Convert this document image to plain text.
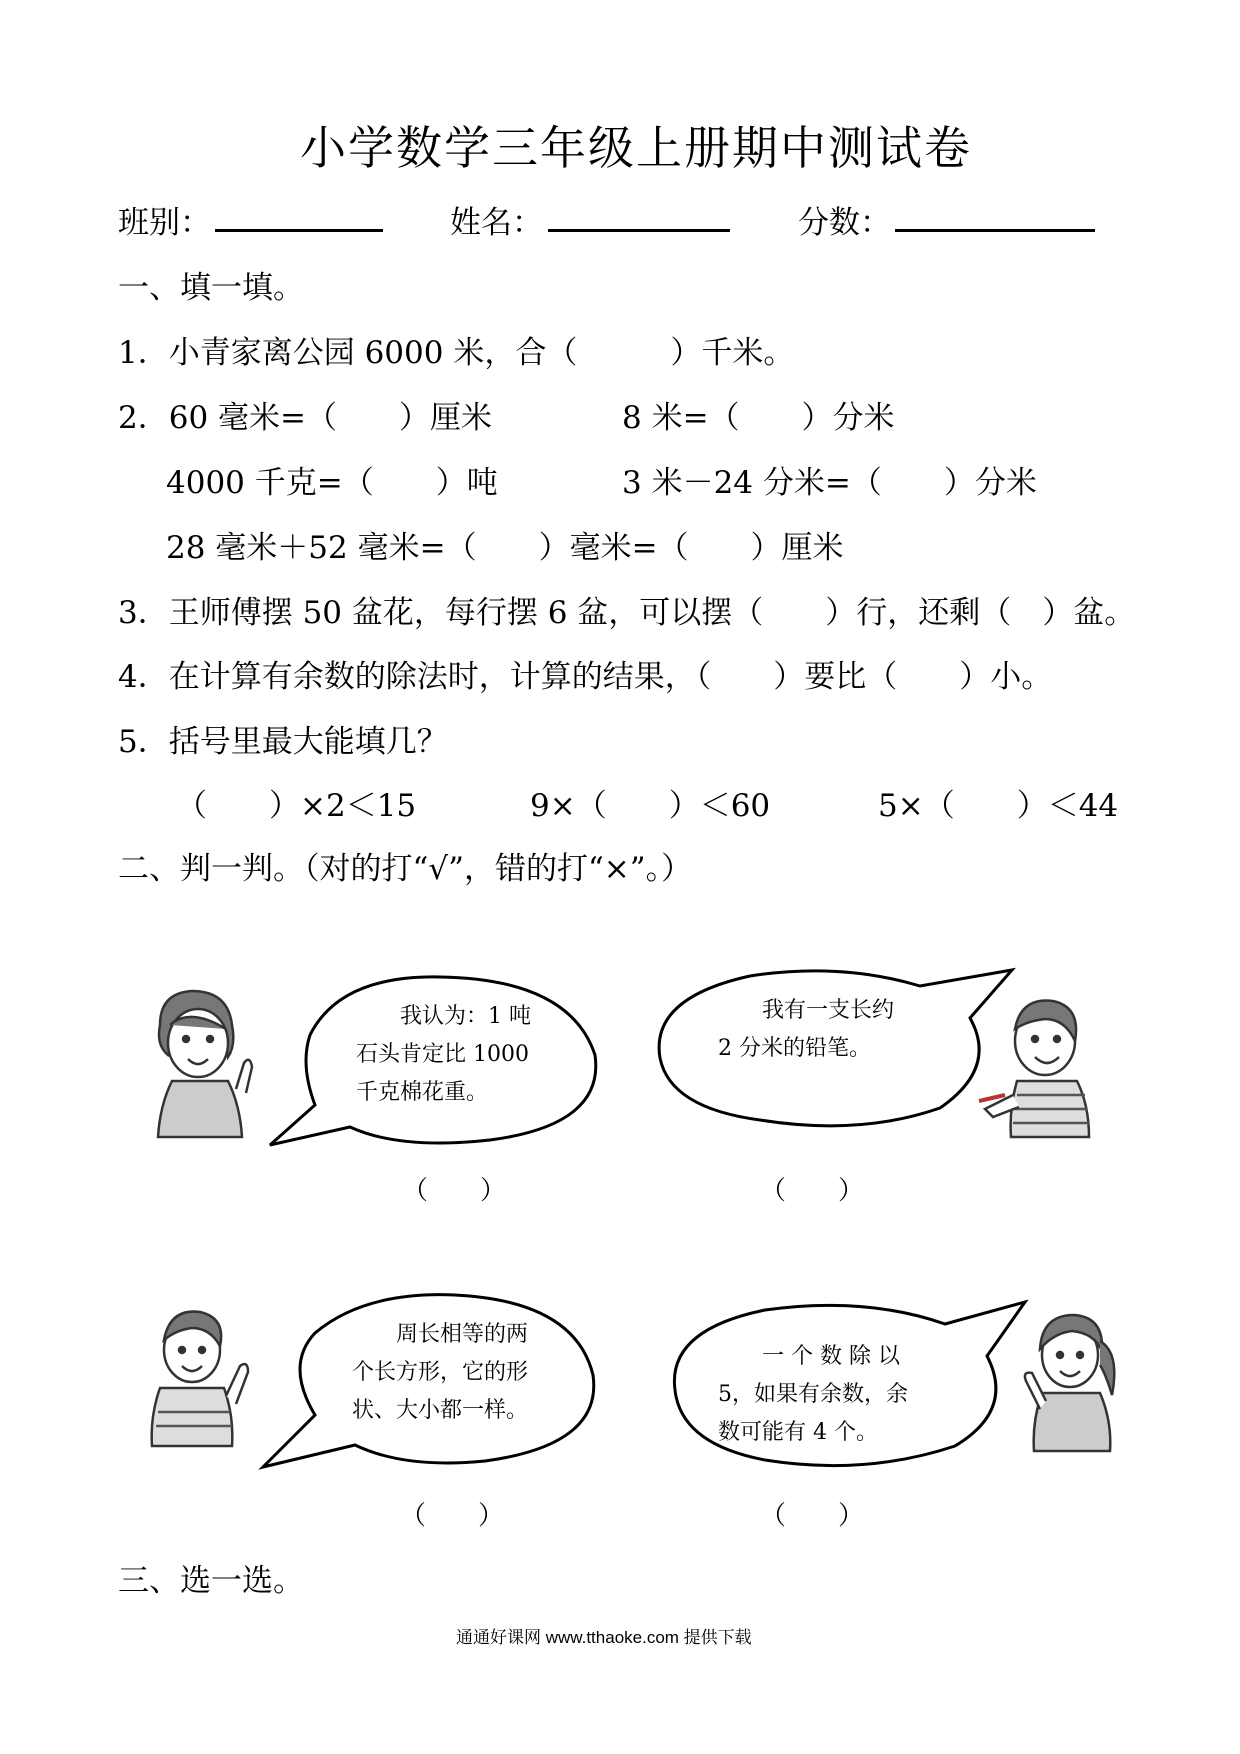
小学数学三年级上册期中测试卷
班别：	姓名：	分数：
一、填一填。
1．小青家离公园 6000 米，合（　　　）千米。
2．60 毫米=（　　）厘米	8 米=（　　）分米
4000 千克=（　　）吨	3 米－24 分米=（　　）分米
28 毫米＋52 毫米=（　　）毫米=（　　）厘米
3．王师傅摆 50 盆花，每行摆 6 盆，可以摆（　　）行，还剩（　）盆。
4．在计算有余数的除法时，计算的结果，（　　）要比（　　）小。
5．括号里最大能填几？
（　　）×2＜15	9×（　　）＜60	5×（　　）＜44
二、判一判。（对的打“√”，错的打“×”。）
　　我认为：1 吨
石头肯定比 1000
千克棉花重。
（　　）
　　我有一支长约
2 分米的铅笔。
（　　）
　　周长相等的两
个长方形，它的形
状、大小都一样。
（　　）
　　一 个 数 除 以
5，如果有余数，余
数可能有 4 个。
（　　）
三、选一选。
通通好课网 www.tthaoke.com 提供下载
